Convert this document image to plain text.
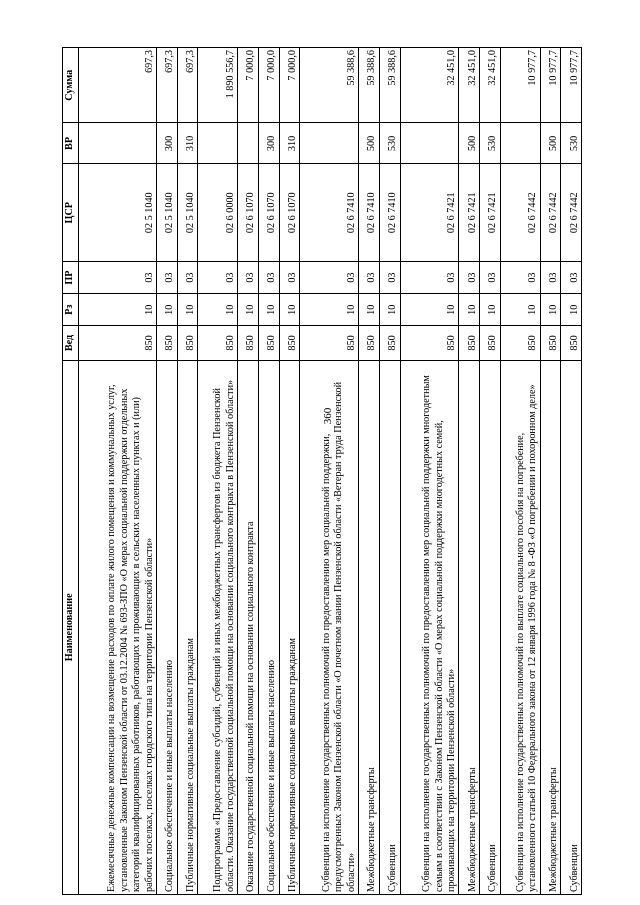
360
Наименование	Вед	Рз	ПР	ЦСР	ВР	Сумма
Ежемесячные денежные компенсации на возмещение расходов по оплате жилого помещения и коммунальных услуг, установленные Законом Пензенской области от 03.12.2004 № 693-ЗПО «О мерах социальной поддержки отдельных категорий квалифицированных работников, работающих и проживающих в сельских населенных пунктах и (или) рабочих поселках, поселках городского типа на территории Пензенской области»	850	10	03	02 5 1040		697,3
Социальное обеспечение и иные выплаты населению	850	10	03	02 5 1040	300	697,3
Публичные нормативные социальные выплаты гражданам	850	10	03	02 5 1040	310	697,3
Подпрограмма «Предоставление субсидий, субвенций и иных межбюджетных трансфертов из бюджета Пензенской области. Оказание государственной социальной помощи на основании социального контракта в Пензенской области»	850	10	03	02 6 0000		1 890 556,7
Оказание государственной социальной помощи на основании социального контракта	850	10	03	02 6 1070		7 000,0
Социальное обеспечение и иные выплаты населению	850	10	03	02 6 1070	300	7 000,0
Публичные нормативные социальные выплаты гражданам	850	10	03	02 6 1070	310	7 000,0
Субвенции на исполнение государственных полномочий по предоставлению мер социальной поддержки, предусмотренных Законом Пензенской области «О почетном звании Пензенской области «Ветеран труда Пензенской области»	850	10	03	02 6 7410		59 388,6
Межбюджетные трансферты	850	10	03	02 6 7410	500	59 388,6
Субвенции	850	10	03	02 6 7410	530	59 388,6
Субвенции на исполнение государственных полномочий по предоставлению мер социальной поддержки многодетным семьям в соответствии с Законом Пензенской области «О мерах социальной поддержки многодетных семей, проживающих на территории Пензенской области»	850	10	03	02 6 7421		32 451,0
Межбюджетные трансферты	850	10	03	02 6 7421	500	32 451,0
Субвенции	850	10	03	02 6 7421	530	32 451,0
Субвенции на исполнение государственных полномочий по выплате социального пособия на погребение, установленного статьей 10 Федерального закона от 12 января 1996 года № 8 -ФЗ «О погребении и похоронном деле»	850	10	03	02 6 7442		10 977,7
Межбюджетные трансферты	850	10	03	02 6 7442	500	10 977,7
Субвенции	850	10	03	02 6 7442	530	10 977,7
